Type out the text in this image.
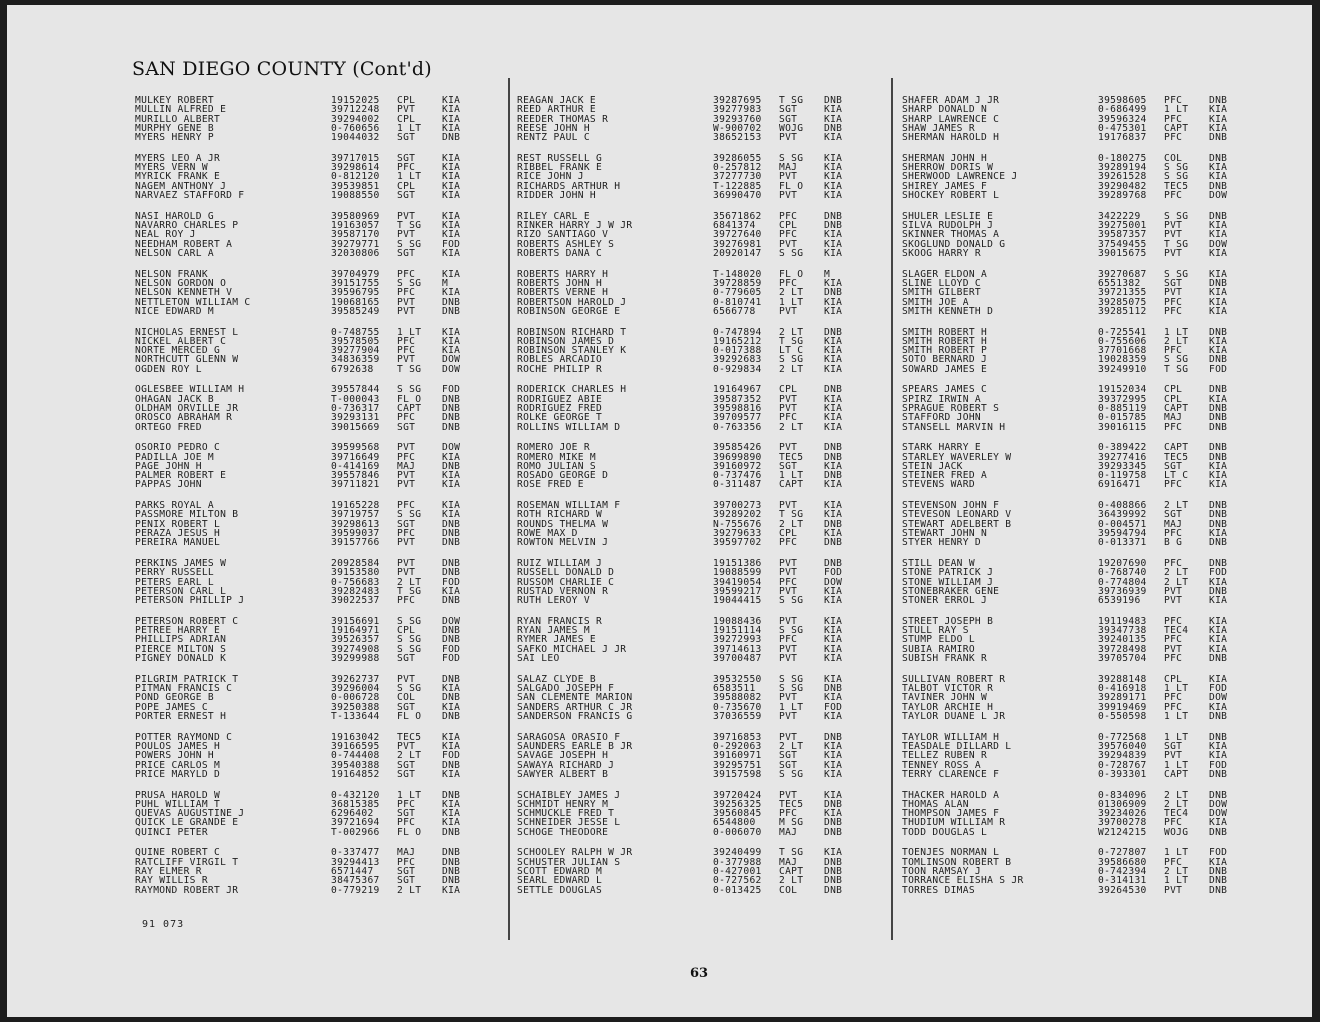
SAN DIEGO COUNTY (Cont'd)
MULKEY ROBERT	19152025	CPL	KIA
MULLIN ALFRED E	39712248	PVT	KIA
MURILLO ALBERT	39294002	CPL	KIA
MURPHY GENE B	0-760656	1 LT	KIA
MYERS HENRY P	19044032	SGT	DNB
MYERS LEO A JR	39717015	SGT	KIA
MYERS VERN W	39298614	PFC	KIA
MYRICK FRANK E	0-812120	1 LT	KIA
NAGEM ANTHONY J	39539851	CPL	KIA
NARVAEZ STAFFORD F	19088550	SGT	KIA
NASI HAROLD G	39580969	PVT	KIA
NAVARRO CHARLES P	19163057	T SG	KIA
NEAL ROY J	39587170	PVT	KIA
NEEDHAM ROBERT A	39279771	S SG	FOD
NELSON CARL A	32030806	SGT	KIA
NELSON FRANK	39704979	PFC	KIA
NELSON GORDON O	39151755	S SG	M
NELSON KENNETH V	39596795	PFC	KIA
NETTLETON WILLIAM C	19068165	PVT	DNB
NICE EDWARD M	39585249	PVT	DNB
NICHOLAS ERNEST L	0-748755	1 LT	KIA
NICKEL ALBERT C	39578505	PFC	KIA
NORTE MERCED G	39277904	PFC	KIA
NORTHCUTT GLENN W	34836359	PVT	DOW
OGDEN ROY L	6792638	T SG	DOW
OGLESBEE WILLIAM H	39557844	S SG	FOD
OHAGAN JACK B	T-000043	FL O	DNB
OLDHAM ORVILLE JR	0-736317	CAPT	DNB
OROSCO ABRAHAM R	39293131	PFC	DNB
ORTEGO FRED	39015669	SGT	DNB
OSORIO PEDRO C	39599568	PVT	DOW
PADILLA JOE M	39716649	PFC	KIA
PAGE JOHN H	0-414169	MAJ	DNB
PALMER ROBERT E	39557846	PVT	KIA
PAPPAS JOHN	39711821	PVT	KIA
PARKS ROYAL A	19165228	PFC	KIA
PASSMORE MILTON B	39719757	S SG	KIA
PENIX ROBERT L	39298613	SGT	DNB
PERAZA JESUS H	39599037	PFC	DNB
PEREIRA MANUEL	39157766	PVT	DNB
PERKINS JAMES W	20928584	PVT	DNB
PERRY RUSSELL	39153580	PVT	DNB
PETERS EARL L	0-756683	2 LT	FOD
PETERSON CARL L	39282483	T SG	KIA
PETERSON PHILLIP J	39022537	PFC	DNB
PETERSON ROBERT C	39156691	S SG	DOW
PETREE HARRY E	19164971	CPL	DNB
PHILLIPS ADRIAN	39526357	S SG	DNB
PIERCE MILTON S	39274908	S SG	FOD
PIGNEY DONALD K	39299988	SGT	FOD
PILGRIM PATRICK T	39262737	PVT	DNB
PITMAN FRANCIS C	39296004	S SG	KIA
POND GEORGE B	0-006728	COL	DNB
POPE JAMES C	39250388	SGT	KIA
PORTER ERNEST H	T-133644	FL O	DNB
POTTER RAYMOND C	19163042	TEC5	KIA
POULOS JAMES H	39166595	PVT	KIA
POWERS JOHN H	0-744408	2 LT	FOD
PRICE CARLOS M	39540388	SGT	DNB
PRICE MARYLD D	19164852	SGT	KIA
PRUSA HAROLD W	0-432120	1 LT	DNB
PUHL WILLIAM T	36815385	PFC	KIA
QUEVAS AUGUSTINE J	6296402	SGT	KIA
QUICK LE GRANDE E	39721694	PFC	KIA
QUINCI PETER	T-002966	FL O	DNB
QUINE ROBERT C	0-337477	MAJ	DNB
RATCLIFF VIRGIL T	39294413	PFC	DNB
RAY ELMER R	6571447	SGT	DNB
RAY WILLIS R	38475367	SGT	DNB
RAYMOND ROBERT JR	0-779219	2 LT	KIA
REAGAN JACK E	39287695	T SG	DNB
REED ARTHUR E	39277983	SGT	KIA
REEDER THOMAS R	39293760	SGT	KIA
REESE JOHN H	W-900702	WOJG	DNB
RENTZ PAUL C	38652153	PVT	KIA
REST RUSSELL G	39286055	S SG	KIA
RIBBEL FRANK E	0-257812	MAJ	KIA
RICE JOHN J	37277730	PVT	KIA
RICHARDS ARTHUR H	T-122885	FL O	KIA
RIDDER JOHN H	36990470	PVT	KIA
RILEY CARL E	35671862	PFC	DNB
RINKER HARRY J W JR	6841374	CPL	DNB
RIZO SANTIAGO V	39727640	PFC	KIA
ROBERTS ASHLEY S	39276981	PVT	KIA
ROBERTS DANA C	20920147	S SG	KIA
ROBERTS HARRY H	T-148020	FL O	M
ROBERTS JOHN H	39728859	PFC	KIA
ROBERTS VERNE H	0-779605	2 LT	DNB
ROBERTSON HAROLD J	0-810741	1 LT	KIA
ROBINSON GEORGE E	6566778	PVT	KIA
ROBINSON RICHARD T	0-747894	2 LT	DNB
ROBINSON JAMES D	19165212	T SG	KIA
ROBINSON STANLEY K	0-017388	LT C	KIA
ROBLES ARCADIO	39292683	S SG	KIA
ROCHE PHILIP R	0-929834	2 LT	KIA
RODERICK CHARLES H	19164967	CPL	DNB
RODRIGUEZ ABIE	39587352	PVT	KIA
RODRIGUEZ FRED	39598816	PVT	KIA
ROLKE GEORGE T	39709577	PFC	KIA
ROLLINS WILLIAM D	0-763356	2 LT	KIA
ROMERO JOE R	39585426	PVT	DNB
ROMERO MIKE M	39699890	TEC5	DNB
ROMO JULIAN S	39160972	SGT	KIA
ROSADO GEORGE D	0-737476	1 LT	DNB
ROSE FRED E	0-311487	CAPT	KIA
ROSEMAN WILLIAM F	39700273	PVT	KIA
ROTH RICHARD W	39289202	T SG	KIA
ROUNDS THELMA W	N-755676	2 LT	DNB
ROWE MAX D	39279633	CPL	KIA
ROWTON MELVIN J	39597702	PFC	DNB
RUIZ WILLIAM J	19151386	PVT	DNB
RUSSELL DONALD D	19088599	PVT	FOD
RUSSOM CHARLIE C	39419054	PFC	DOW
RUSTAD VERNON R	39599217	PVT	KIA
RUTH LEROY V	19044415	S SG	KIA
RYAN FRANCIS R	19088436	PVT	KIA
RYAN JAMES M	19151114	S SG	KIA
RYMER JAMES E	39272993	PFC	KIA
SAFKO MICHAEL J JR	39714613	PVT	KIA
SAI LEO	39700487	PVT	KIA
SALAZ CLYDE B	39532550	S SG	KIA
SALGADO JOSEPH F	6583511	S SG	DNB
SAN CLEMENTE MARION	39588082	PVT	KIA
SANDERS ARTHUR C JR	0-735670	1 LT	FOD
SANDERSON FRANCIS G	37036559	PVT	KIA
SARAGOSA ORASIO F	39716853	PVT	DNB
SAUNDERS EARLE B JR	0-292063	2 LT	KIA
SAVAGE JOSEPH H	39160971	SGT	KIA
SAWAYA RICHARD J	39295751	SGT	KIA
SAWYER ALBERT B	39157598	S SG	KIA
SCHAIBLEY JAMES J	39720424	PVT	KIA
SCHMIDT HENRY M	39256325	TEC5	DNB
SCHMUCKLE FRED T	39560845	PFC	KIA
SCHNEIDER JESSE L	6544800	M SG	DNB
SCHOGE THEODORE	0-006070	MAJ	DNB
SCHOOLEY RALPH W JR	39240499	T SG	KIA
SCHUSTER JULIAN S	0-377988	MAJ	DNB
SCOTT EDWARD M	0-427001	CAPT	DNB
SEARL EDWARD L	0-727562	2 LT	DNB
SETTLE DOUGLAS	0-013425	COL	DNB
SHAFER ADAM J JR	39598605	PFC	DNB
SHARP DONALD N	0-686499	1 LT	KIA
SHARP LAWRENCE C	39596324	PFC	KIA
SHAW JAMES R	0-475301	CAPT	KIA
SHERMAN HAROLD H	19176837	PFC	DNB
SHERMAN JOHN H	0-180275	COL	DNB
SHERROW DORIS W	39289194	S SG	KIA
SHERWOOD LAWRENCE J	39261528	S SG	KIA
SHIREY JAMES F	39290482	TEC5	DNB
SHOCKEY ROBERT L	39289768	PFC	DOW
SHULER LESLIE E	3422229	S SG	DNB
SILVA RUDOLPH J	39275001	PVT	KIA
SKINNER THOMAS A	39587357	PVT	KIA
SKOGLUND DONALD G	37549455	T SG	DOW
SKOOG HARRY R	39015675	PVT	KIA
SLAGER ELDON A	39270687	S SG	KIA
SLINE LLOYD C	6551382	SGT	DNB
SMITH GILBERT	39721355	PVT	KIA
SMITH JOE A	39285075	PFC	KIA
SMITH KENNETH D	39285112	PFC	KIA
SMITH ROBERT H	0-725541	1 LT	DNB
SMITH ROBERT H	0-755606	2 LT	KIA
SMITH ROBERT P	37701668	PFC	KIA
SOTO BERNARD J	19028359	S SG	DNB
SOWARD JAMES E	39249910	T SG	FOD
SPEARS JAMES C	19152034	CPL	DNB
SPIRZ IRWIN A	39372995	CPL	KIA
SPRAGUE ROBERT S	0-885119	CAPT	DNB
STAFFORD JOHN	0-015785	MAJ	DNB
STANSELL MARVIN H	39016115	PFC	DNB
STARK HARRY E	0-389422	CAPT	DNB
STARLEY WAVERLEY W	39277416	TEC5	DNB
STEIN JACK	39293345	SGT	KIA
STEINER FRED A	0-119758	LT C	KIA
STEVENS WARD	6916471	PFC	KIA
STEVENSON JOHN F	0-408866	2 LT	DNB
STEVESON LEONARD V	36439992	SGT	DNB
STEWART ADELBERT B	0-004571	MAJ	DNB
STEWART JOHN N	39594794	PFC	KIA
STYER HENRY D	0-013371	B G	DNB
STILL DEAN W	19207690	PFC	DNB
STONE PATRICK J	0-768740	2 LT	FOD
STONE WILLIAM J	0-774804	2 LT	KIA
STONEBRAKER GENE	39736939	PVT	DNB
STONER ERROL J	6539196	PVT	KIA
STREET JOSEPH B	19119483	PFC	KIA
STULL RAY S	39347738	TEC4	KIA
STUMP ELDO L	39240135	PFC	KIA
SUBIA RAMIRO	39728498	PVT	KIA
SUBISH FRANK R	39705704	PFC	DNB
SULLIVAN ROBERT R	39288148	CPL	KIA
TALBOT VICTOR R	0-416918	1 LT	FOD
TAVINER JOHN W	39289171	PFC	DOW
TAYLOR ARCHIE H	39919469	PFC	KIA
TAYLOR DUANE L JR	0-550598	1 LT	DNB
TAYLOR WILLIAM H	0-772568	1 LT	DNB
TEASDALE DILLARD L	39576040	SGT	KIA
TELLEZ RUBEN R	39294839	PVT	KIA
TENNEY ROSS A	0-728767	1 LT	FOD
TERRY CLARENCE F	0-393301	CAPT	DNB
THACKER HAROLD A	0-834096	2 LT	DNB
THOMAS ALAN	01306909	2 LT	DOW
THOMPSON JAMES F	39234026	TEC4	DOW
THUDIUM WILLIAM R	39700278	PFC	KIA
TODD DOUGLAS L	W2124215	WOJG	DNB
TOENJES NORMAN L	0-727807	1 LT	FOD
TOMLINSON ROBERT B	39586680	PFC	KIA
TOON RAMSAY J	0-742394	2 LT	DNB
TORRANCE ELISHA S JR	0-314131	1 LT	DNB
TORRES DIMAS	39264530	PVT	DNB
91 073
63
